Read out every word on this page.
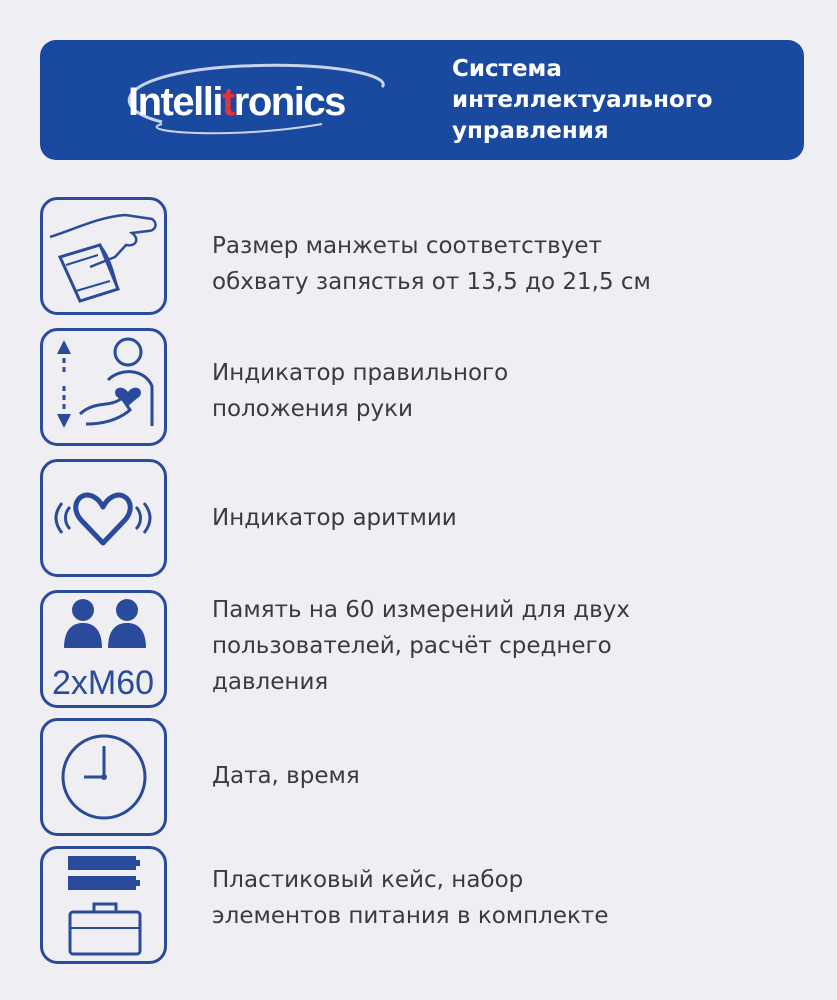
Intellitronics
Система
интеллектуального
управления
Размер манжеты соответствует
обхвату запястья от 13,5 до 21,5 см
Индикатор правильного
положения руки
Индикатор аритмии
2xM60
Память на 60 измерений для двух
пользователей, расчёт среднего
давления
Дата, время
Пластиковый кейс, набор
элементов питания в комплекте
